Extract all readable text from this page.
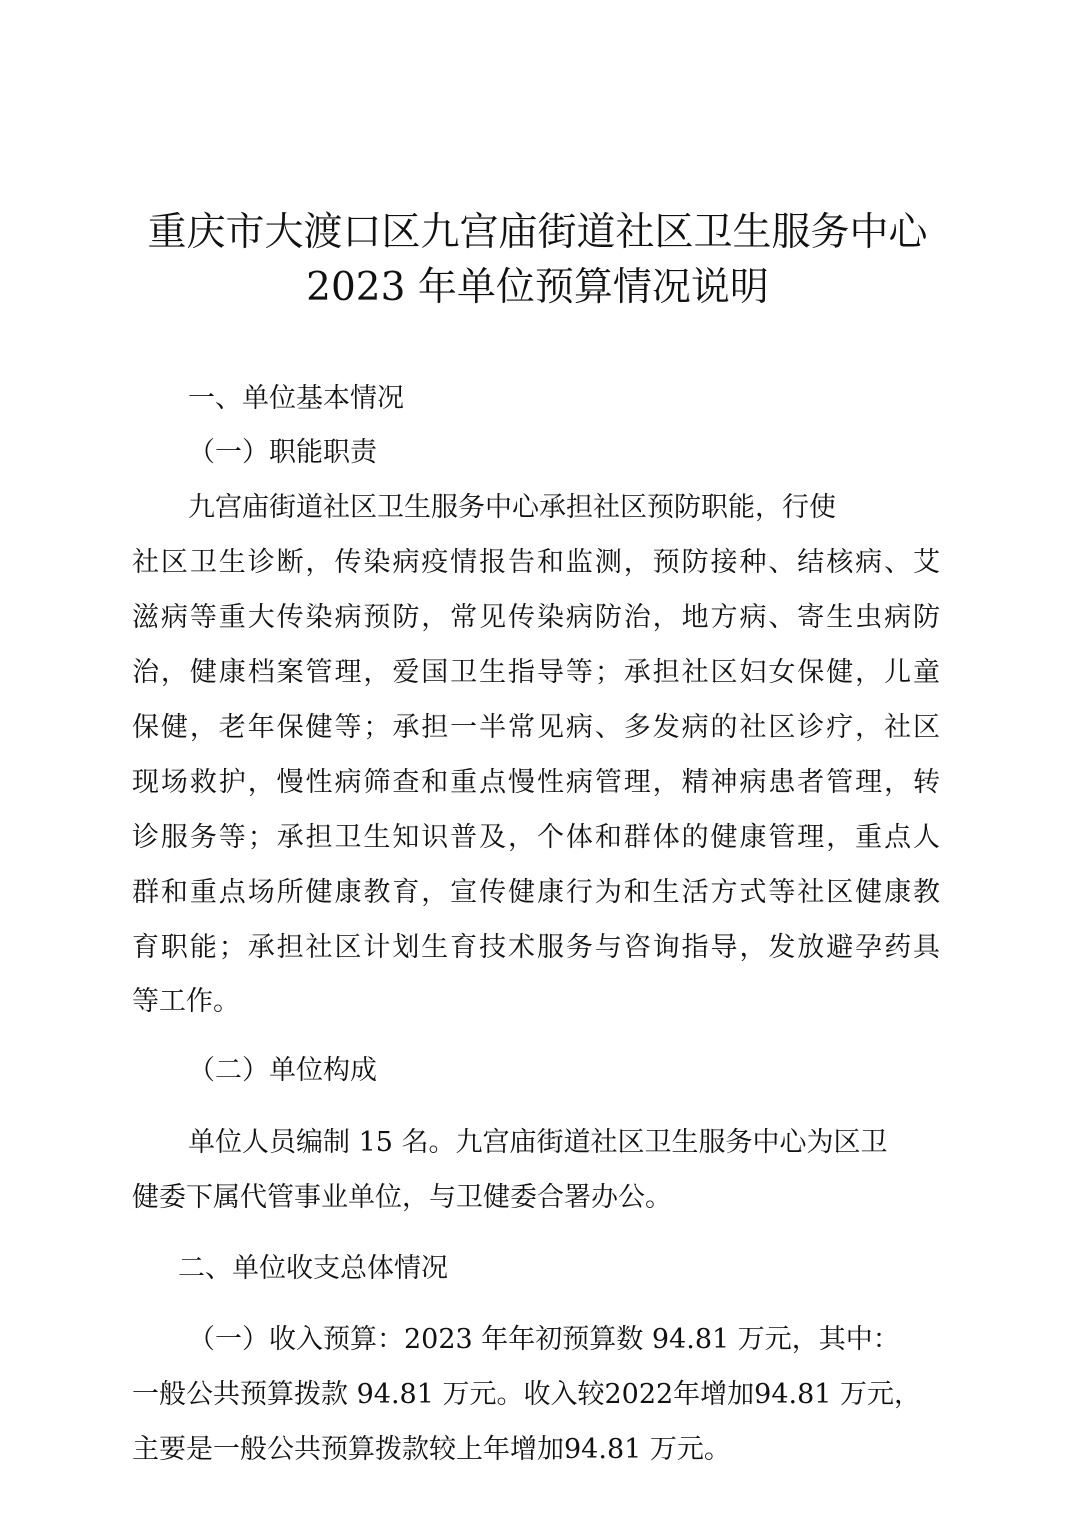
重庆市大渡口区九宫庙街道社区卫生服务中心
2023 年单位预算情况说明
一、单位基本情况
（一）职能职责
九宫庙街道社区卫生服务中心承担社区预防职能，行使
社区卫生诊断，传染病疫情报告和监测，预防接种、结核病、艾
滋病等重大传染病预防，常见传染病防治，地方病、寄生虫病防
治，健康档案管理，爱国卫生指导等；承担社区妇女保健，儿童
保健，老年保健等；承担一半常见病、多发病的社区诊疗，社区
现场救护，慢性病筛查和重点慢性病管理，精神病患者管理，转
诊服务等；承担卫生知识普及，个体和群体的健康管理，重点人
群和重点场所健康教育，宣传健康行为和生活方式等社区健康教
育职能；承担社区计划生育技术服务与咨询指导，发放避孕药具
等工作。
（二）单位构成
单位人员编制 15 名。九宫庙街道社区卫生服务中心为区卫
健委下属代管事业单位，与卫健委合署办公。
二、单位收支总体情况
（一）收入预算：2023 年年初预算数 94.81 万元，其中：
一般公共预算拨款 94.81 万元。收入较2022年增加94.81 万元，
主要是一般公共预算拨款较上年增加94.81 万元。
